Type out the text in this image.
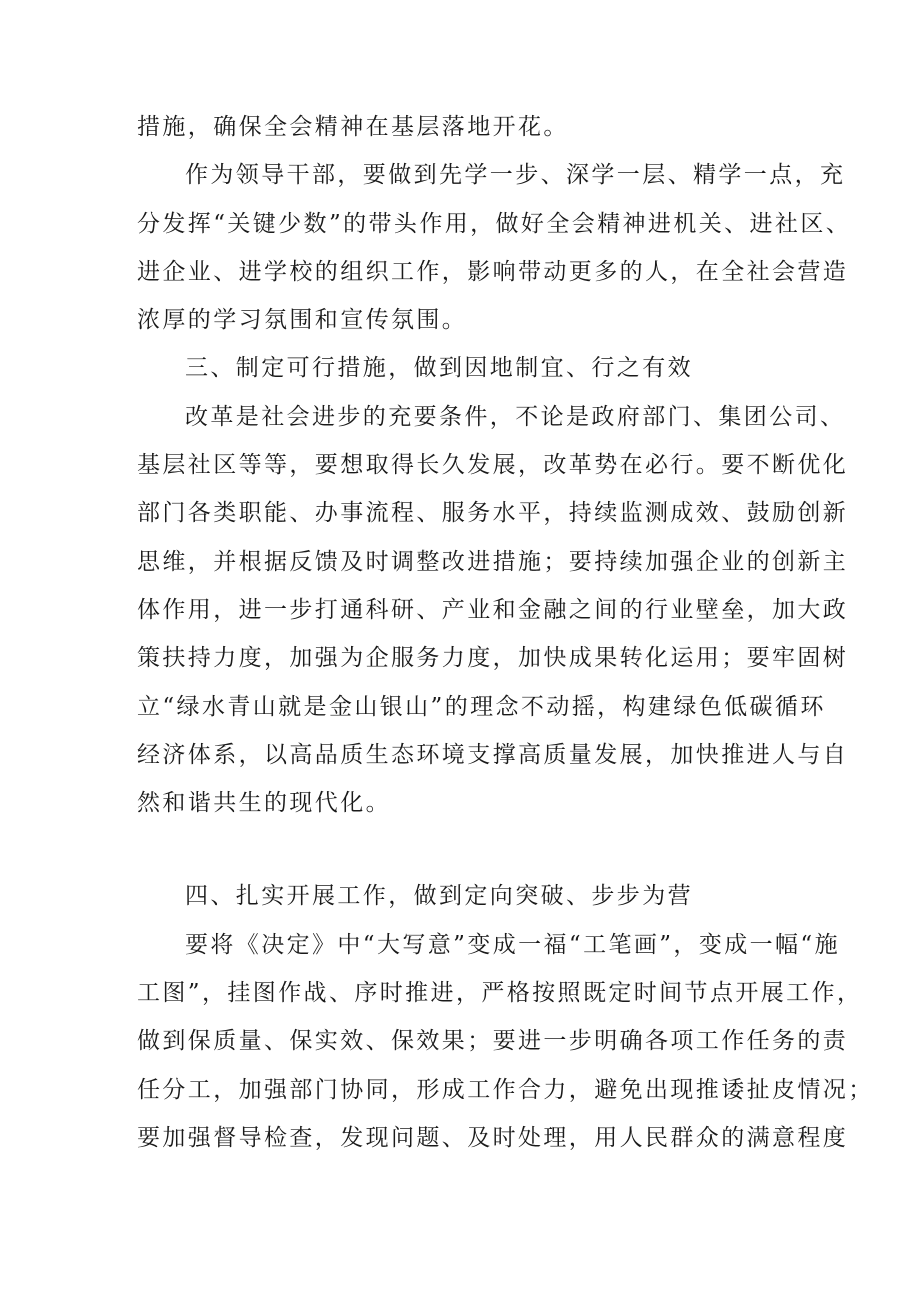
措施，确保全会精神在基层落地开花。
作为领导干部，要做到先学一步、深学一层、精学一点，充
分发挥“关键少数”的带头作用，做好全会精神进机关、进社区、
进企业、进学校的组织工作，影响带动更多的人，在全社会营造
浓厚的学习氛围和宣传氛围。
三、制定可行措施，做到因地制宜、行之有效
改革是社会进步的充要条件，不论是政府部门、集团公司、
基层社区等等，要想取得长久发展，改革势在必行。要不断优化
部门各类职能、办事流程、服务水平，持续监测成效、鼓励创新
思维，并根据反馈及时调整改进措施；要持续加强企业的创新主
体作用，进一步打通科研、产业和金融之间的行业壁垒，加大政
策扶持力度，加强为企服务力度，加快成果转化运用；要牢固树
立“绿水青山就是金山银山”的理念不动摇，构建绿色低碳循环
经济体系，以高品质生态环境支撑高质量发展，加快推进人与自
然和谐共生的现代化。
四、扎实开展工作，做到定向突破、步步为营
要将《决定》中“大写意”变成一福“工笔画”，变成一幅“施
工图”，挂图作战、序时推进，严格按照既定时间节点开展工作，
做到保质量、保实效、保效果；要进一步明确各项工作任务的责
任分工，加强部门协同，形成工作合力，避免出现推诿扯皮情况；
要加强督导检查，发现问题、及时处理，用人民群众的满意程度
